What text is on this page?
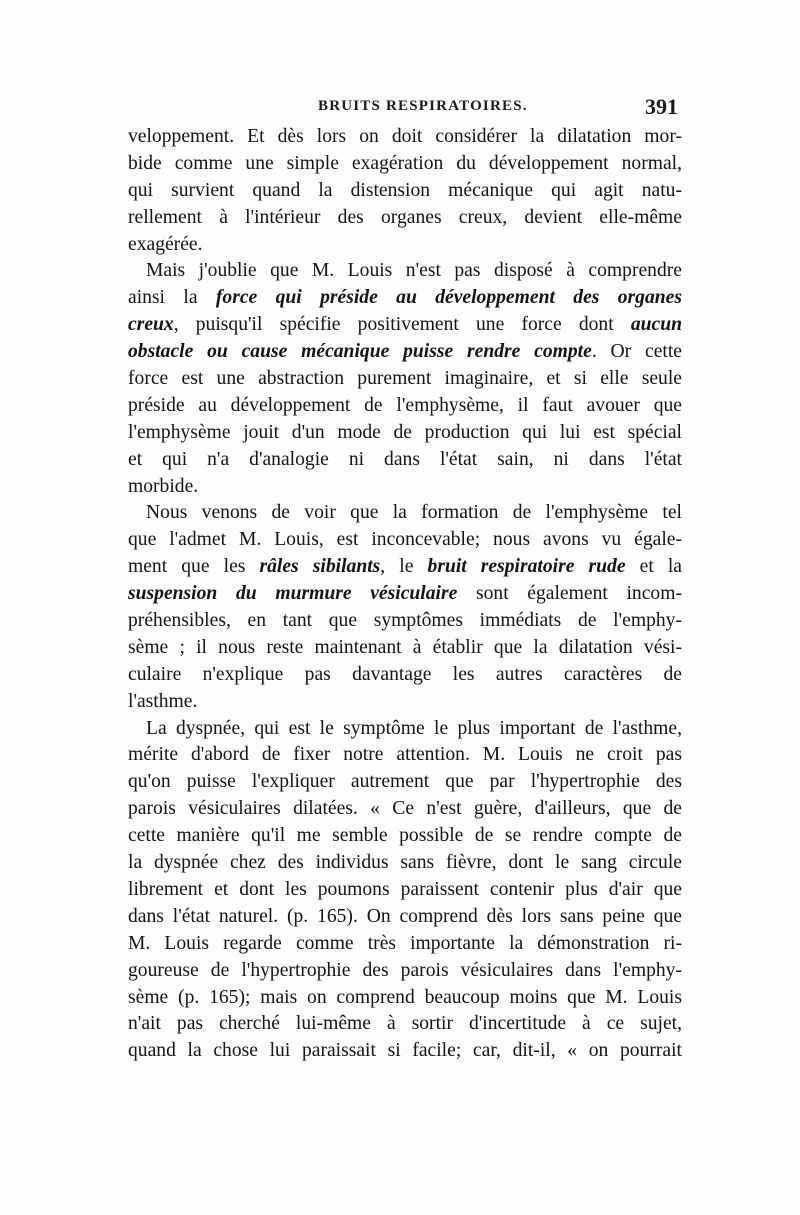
BRUITS RESPIRATOIRES.	391
veloppement. Et dès lors on doit considérer la dilatation mor-
bide comme une simple exagération du développement normal,
qui survient quand la distension mécanique qui agit natu-
rellement à l'intérieur des organes creux, devient elle-même
exagérée.
Mais j'oublie que M. Louis n'est pas disposé à comprendre
ainsi la force qui préside au développement des organes
creux, puisqu'il spécifie positivement une force dont aucun
obstacle ou cause mécanique puisse rendre compte. Or cette
force est une abstraction purement imaginaire, et si elle seule
préside au développement de l'emphysème, il faut avouer que
l'emphysème jouit d'un mode de production qui lui est spécial
et qui n'a d'analogie ni dans l'état sain, ni dans l'état
morbide.
Nous venons de voir que la formation de l'emphysème tel
que l'admet M. Louis, est inconcevable; nous avons vu égale-
ment que les râles sibilants, le bruit respiratoire rude et la
suspension du murmure vésiculaire sont également incom-
préhensibles, en tant que symptômes immédiats de l'emphy-
sème ; il nous reste maintenant à établir que la dilatation vési-
culaire n'explique pas davantage les autres caractères de
l'asthme.
La dyspnée, qui est le symptôme le plus important de l'asthme,
mérite d'abord de fixer notre attention. M. Louis ne croit pas
qu'on puisse l'expliquer autrement que par l'hypertrophie des
parois vésiculaires dilatées. « Ce n'est guère, d'ailleurs, que de
cette manière qu'il me semble possible de se rendre compte de
la dyspnée chez des individus sans fièvre, dont le sang circule
librement et dont les poumons paraissent contenir plus d'air que
dans l'état naturel. (p. 165). On comprend dès lors sans peine que
M. Louis regarde comme très importante la démonstration ri-
goureuse de l'hypertrophie des parois vésiculaires dans l'emphy-
sème (p. 165); mais on comprend beaucoup moins que M. Louis
n'ait pas cherché lui-même à sortir d'incertitude à ce sujet,
quand la chose lui paraissait si facile; car, dit-il, « on pourrait
